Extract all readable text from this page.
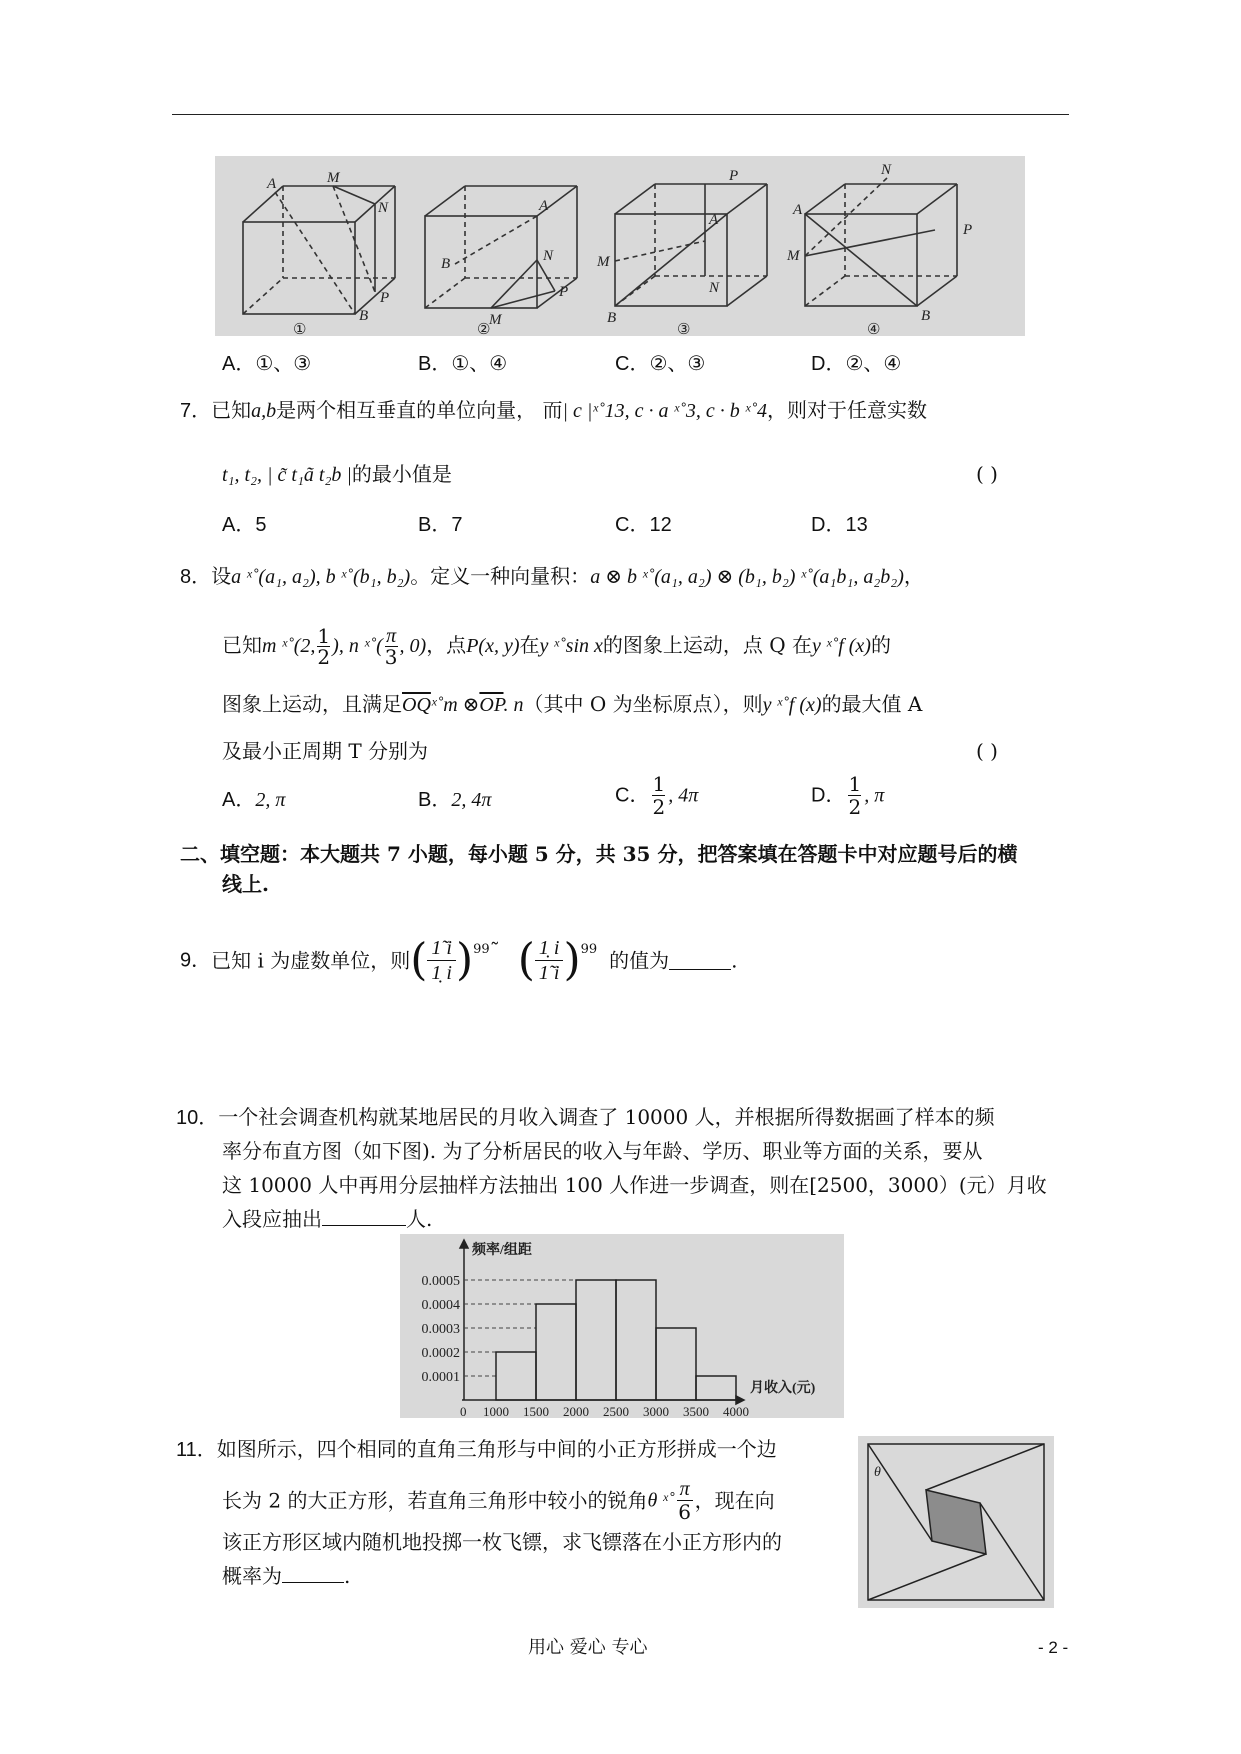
A	M
N
P
B
A
B	N
P
M
P
A
M
N
B
N
A
M
P
B
①	②	③	④
A．①、③	B．①、④	C．②、③	D．②、④
7．已知a,b是两个相互垂直的单位向量， 而| c |ˣ˚13, c · a ˣ˚3, c · b ˣ˚4，则对于任意实数
t₁, t₂, | c̃ t₁ã t₂b |的最小值是	( )
A．5	B．7	C．12	D．13
8．设a ˣ˚(a₁, a₂), b ˣ˚(b₁, b₂)。定义一种向量积：a ⊗ b ˣ˚(a₁, a₂) ⊗ (b₁, b₂) ˣ˚(a₁b₁, a₂b₂)，
已知m ˣ˚(2, $\frac{1}{2}$ ), n ˣ˚( $\frac{\pi}{3}$ , 0)，点P(x, y)在y ˣ˚sin x的图象上运动，点 Q 在y ˣ˚f (x)的
图象上运动，且满足$\overline{OQ}ˣ˚m$ $\otimes\overline{OP}$. n（其中 O 为坐标原点），则y ˣ˚f (x)的最大值 A
及最小正周期 T 分别为	( )
A．2, π	B．2, 4π	C． $\frac{1}{2}$ , 4π	D． $\frac{1}{2}$ , π
二、填空题：本大题共 7 小题，每小题 5 分，共 35 分，把答案填在答题卡中对应题号后的横
线上.
9．已知 i 为虚数单位，则( $\frac{1̃ i}{1̣ i}$ )$^{99}$˜ ( $\frac{1̣ i}{1̃ i} )^{99}$ 的值为	.
10．一个社会调查机构就某地居民的月收入调查了 10000 人，并根据所得数据画了样本的频
率分布直方图（如下图). 为了分析居民的收入与年龄、学历、职业等方面的关系，要从
这 10000 人中再用分层抽样方法抽出 100 人作进一步调查，则在[2500，3000）(元）月收
入段应抽出	人.
频率/组距
月收入(元)
0
0.0001
0.0002
0.0003
0.0004
0.0005
1000 1500 2000 2500 3000 3500 4000
11．如图所示，四个相同的直角三角形与中间的小正方形拼成一个边
长为 2 的大正方形，若直角三角形中较小的锐角θ ˣ˚ $\frac{\pi}{6}$ ，现在向
该正方形区域内随机地投掷一枚飞镖，求飞镖落在小正方形内的
概率为	.
θ
用心 爱心 专心	- 2 -
